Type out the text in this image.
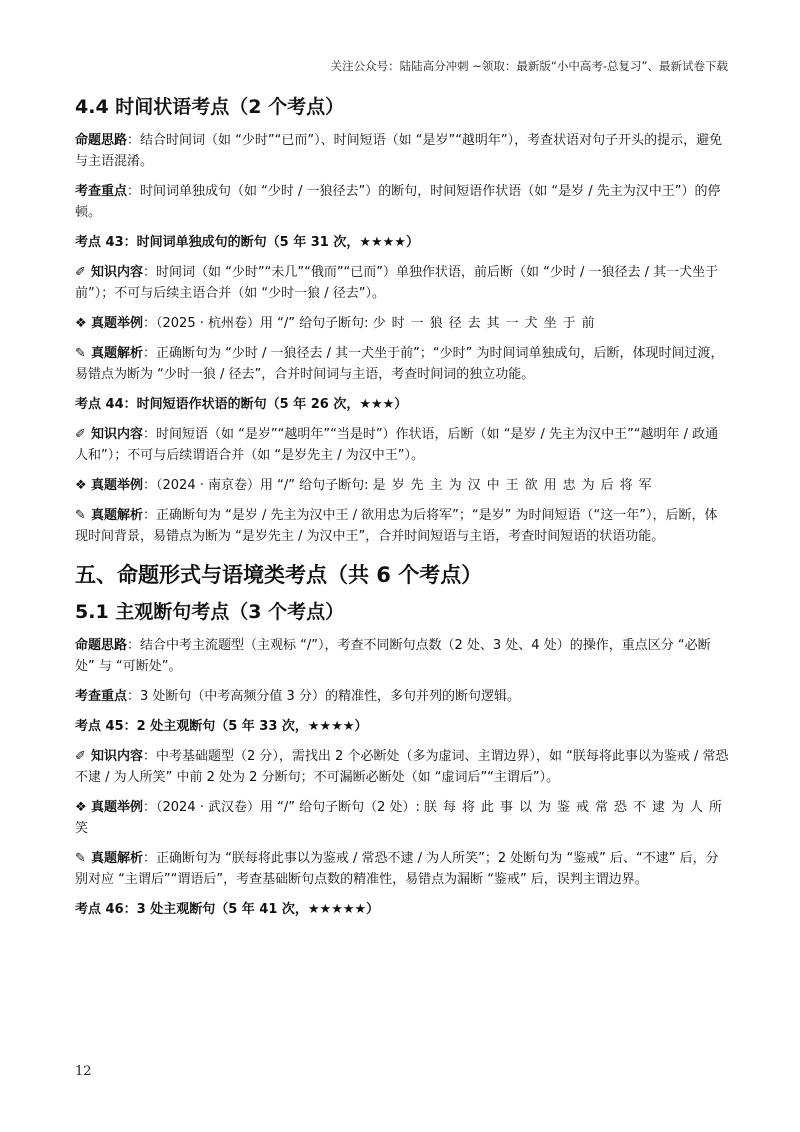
关注公众号：陆陆高分冲刺 ~领取：最新版“小中高考-总复习”、最新试卷下载
4.4 时间状语考点（2 个考点）

命题思路：结合时间词（如 “少时”“已而”）、时间短语（如 “是岁”“越明年”），考查状语对句子开头的提示，避免与主语混淆。

考查重点：时间词单独成句（如 “少时 / 一狼径去”）的断句，时间短语作状语（如 “是岁 / 先主为汉中王”）的停顿。

考点 43：时间词单独成句的断句（5 年 31 次，★★★★）

✐ 知识内容：时间词（如 “少时”“未几”“俄而”“已而”）单独作状语，前后断（如 “少时 / 一狼径去 / 其一犬坐于前”）；不可与后续主语合并（如 “少时一狼 / 径去”）。

❖ 真题举例：（2025 · 杭州卷）用 “/” 给句子断句: 少时一狼径去其一犬坐于前

✎ 真题解析：正确断句为 “少时 / 一狼径去 / 其一犬坐于前”；“少时” 为时间词单独成句，后断，体现时间过渡，易错点为断为 “少时一狼 / 径去”，合并时间词与主语，考查时间词的独立功能。

考点 44：时间短语作状语的断句（5 年 26 次，★★★）

✐ 知识内容：时间短语（如 “是岁”“越明年”“当是时”）作状语，后断（如 “是岁 / 先主为汉中王”“越明年 / 政通人和”）；不可与后续谓语合并（如 “是岁先主 / 为汉中王”）。

❖ 真题举例：（2024 · 南京卷）用 “/” 给句子断句: 是岁先主为汉中王欲用忠为后将军

✎ 真题解析：正确断句为 “是岁 / 先主为汉中王 / 欲用忠为后将军”；“是岁” 为时间短语（“这一年”），后断，体现时间背景，易错点为断为 “是岁先主 / 为汉中王”，合并时间短语与主语，考查时间短语的状语功能。

五、命题形式与语境类考点（共 6 个考点）
5.1 主观断句考点（3 个考点）

命题思路：结合中考主流题型（主观标 “/”），考查不同断句点数（2 处、3 处、4 处）的操作，重点区分 “必断处” 与 “可断处”。

考查重点：3 处断句（中考高频分值 3 分）的精准性，多句并列的断句逻辑。

考点 45：2 处主观断句（5 年 33 次，★★★★）

✐ 知识内容：中考基础题型（2 分），需找出 2 个必断处（多为虚词、主谓边界），如 “朕每将此事以为鉴戒 / 常恐不逮 / 为人所笑” 中前 2 处为 2 分断句；不可漏断必断处（如 “虚词后”“主谓后”）。

❖ 真题举例：（2024 · 武汉卷）用 “/” 给句子断句（2 处）: 朕每将此事以为鉴戒常恐不逮为人所笑

✎ 真题解析：正确断句为 “朕每将此事以为鉴戒 / 常恐不逮 / 为人所笑”；2 处断句为 “鉴戒” 后、“不逮” 后，分别对应 “主谓后”“谓语后”，考查基础断句点数的精准性，易错点为漏断 “鉴戒” 后，误判主谓边界。

考点 46：3 处主观断句（5 年 41 次，★★★★★）

12
